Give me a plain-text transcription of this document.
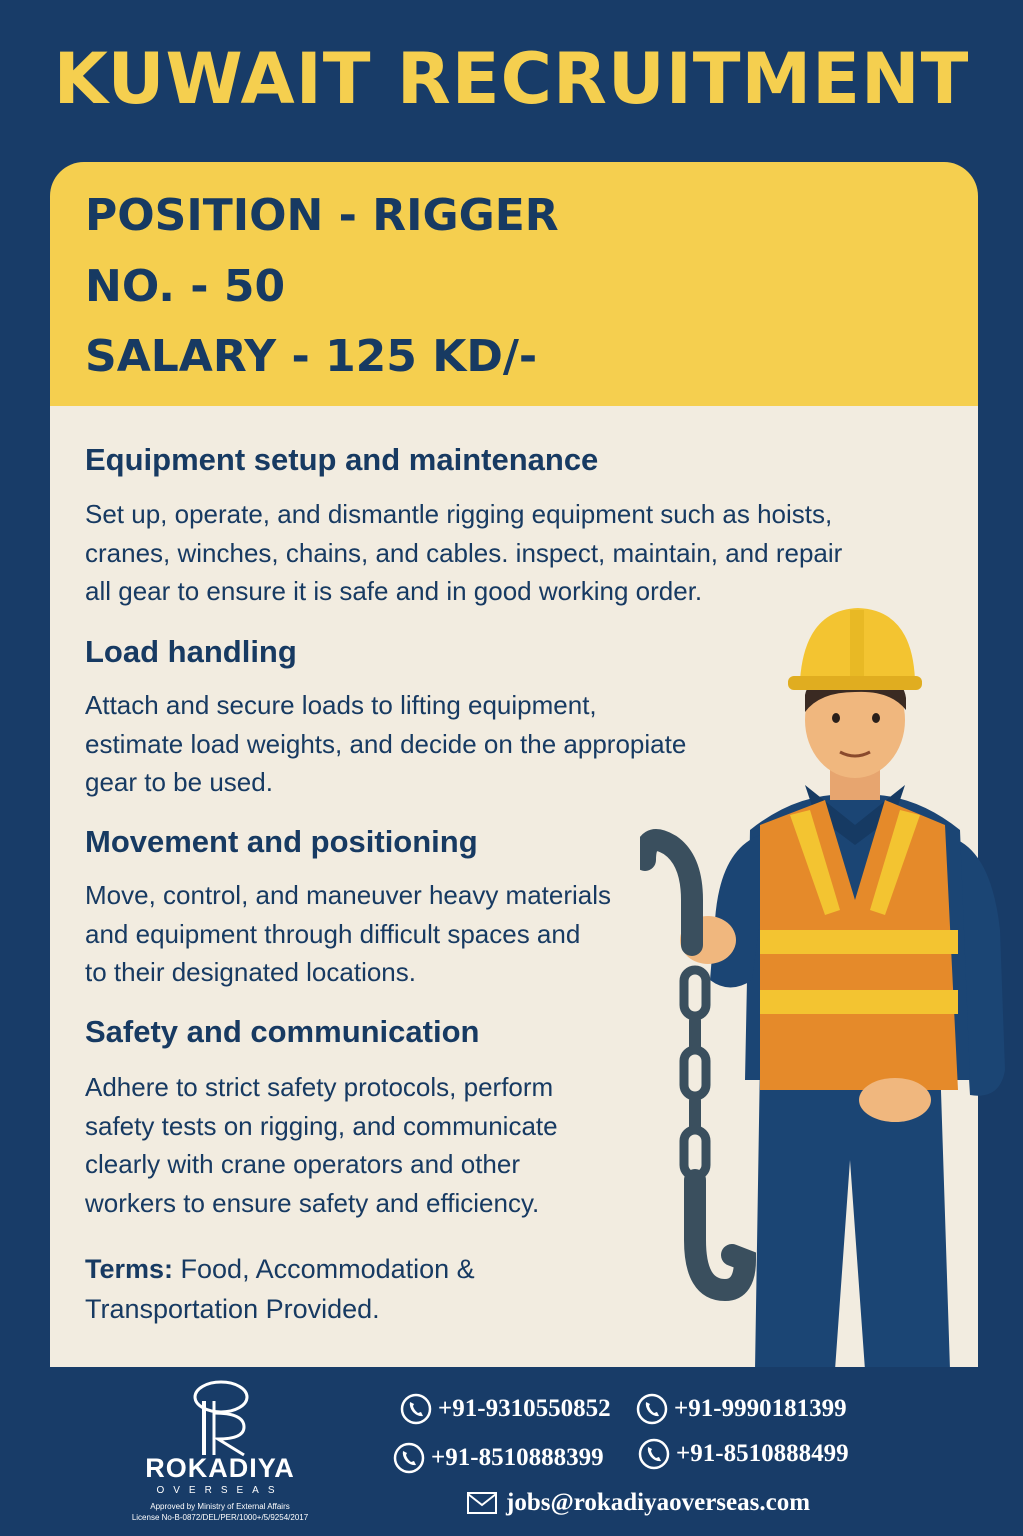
KUWAIT RECRUITMENT
POSITION - RIGGER
NO. - 50
SALARY - 125 KD/-
Equipment setup and maintenance

Set up, operate, and dismantle rigging equipment such as hoists,
cranes, winches, chains, and cables. inspect, maintain, and repair
all gear to ensure it is safe and in good working order.

Load handling

Attach and secure loads to lifting equipment,
estimate load weights, and decide on the appropiate
gear to be used.

Movement and positioning

Move, control, and maneuver heavy materials
and equipment through difficult spaces and
to their designated locations.

Safety and communication

Adhere to strict safety protocols, perform
safety tests on rigging, and communicate
clearly with crane operators and other
workers to ensure safety and efficiency.

Terms: Food, Accommodation & Transportation Provided.

ROKADIYA
OVERSEAS
Approved by Ministry of External Affairs
License No-B-0872/DEL/PER/1000+/5/9254/2017
+91-9310550852	+91-9990181399
+91-8510888399	+91-8510888499
jobs@rokadiyaoverseas.com
